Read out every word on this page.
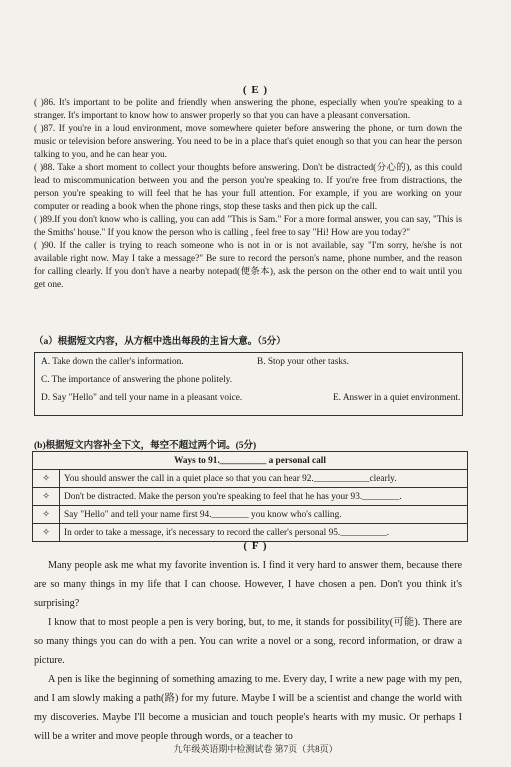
( E )

( )86. It's important to be polite and friendly when answering the phone, especially when you're speaking to a stranger. It's important to know how to answer properly so that you can have a pleasant conversation.

( )87. If you're in a loud environment, move somewhere quieter before answering the phone, or turn down the music or television before answering. You need to be in a place that's quiet enough so that you can hear the person talking to you, and he can hear you.

( )88. Take a short moment to collect your thoughts before answering. Don't be distracted(分心的), as this could lead to miscommunication between you and the person you're speaking to. If you're free from distractions, the person you're speaking to will feel that he has your full attention. For example, if you are working on your computer or reading a book when the phone rings, stop these tasks and then pick up the call.

( )89.If you don't know who is calling, you can add "This is Sam." For a more formal answer, you can say, "This is the Smiths' house." If you know the person who is calling , feel free to say "Hi! How are you today?"

( )90. If the caller is trying to reach someone who is not in or is not available, say "I'm sorry, he/she is not available right now. May I take a message?" Be sure to record the person's name, phone number, and the reason for calling clearly. If you don't have a nearby notepad(便条本), ask the person on the other end to wait until you get one.

（a）根据短文内容，从方框中选出每段的主旨大意。（5分）
A. Take down the caller's information.	B. Stop your other tasks.
C. The importance of answering the phone politely.
D. Say "Hello" and tell your name in a pleasant voice.	E. Answer in a quiet environment.
(b)根据短文内容补全下文，每空不超过两个词。(5分)
Ways to 91.__________ a personal call	
✧	You should answer the call in a quiet place so that you can hear 92.____________clearly.
✧	Don't be distracted. Make the person you're speaking to feel that he has your 93.________.
✧	Say "Hello" and tell your name first 94.________ you know who's calling.
✧	In order to take a message, it's necessary to record the caller's personal 95.__________.
( F )

Many people ask me what my favorite invention is. I find it very hard to answer them, because there are so many things in my life that I can choose. However, I have chosen a pen. Don't you think it's surprising?

I know that to most people a pen is very boring, but, to me, it stands for possibility(可能). There are so many things you can do with a pen. You can write a novel or a song, record information, or draw a picture.

A pen is like the beginning of something amazing to me. Every day, I write a new page with my pen, and I am slowly making a path(路) for my future. Maybe I will be a scientist and change the world with my discoveries. Maybe I'll become a musician and touch people's hearts with my music. Or perhaps I will be a writer and move people through words, or a teacher to

九年级英语期中检测试卷 第7页（共8页）
